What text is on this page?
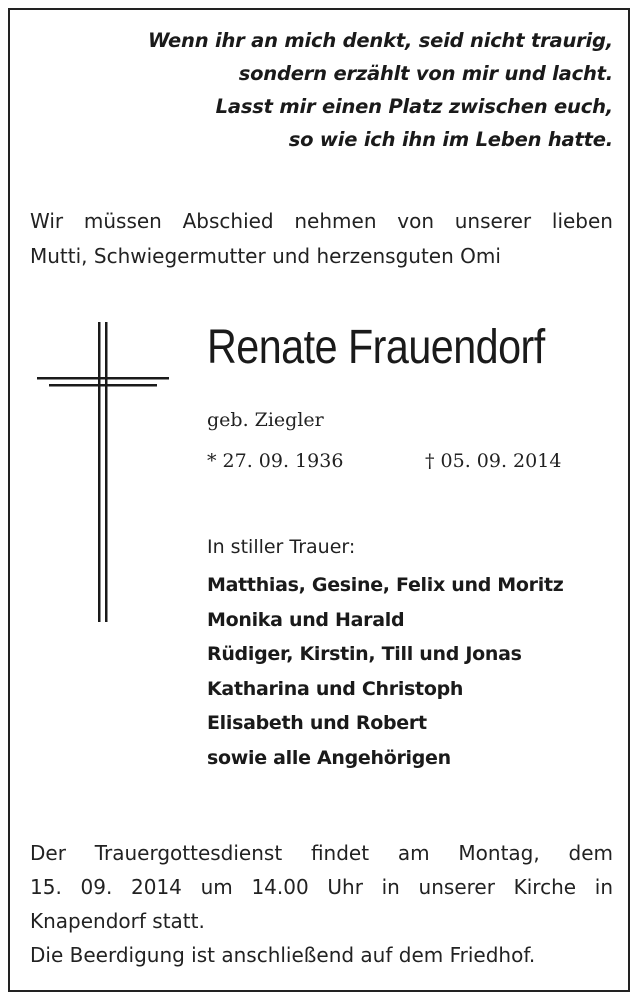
Wenn ihr an mich denkt, seid nicht traurig,
sondern erzählt von mir und lacht.
Lasst mir einen Platz zwischen euch,
so wie ich ihn im Leben hatte.
Wir müssen Abschied nehmen von unserer lieben
Mutti, Schwiegermutter und herzensguten Omi
Renate Frauendorf
geb. Ziegler
* 27. 09. 1936	† 05. 09. 2014
In stiller Trauer:
Matthias, Gesine, Felix und Moritz
Monika und Harald
Rüdiger, Kirstin, Till und Jonas
Katharina und Christoph
Elisabeth und Robert
sowie alle Angehörigen
Der Trauergottesdienst findet am Montag, dem
15. 09. 2014 um 14.00 Uhr in unserer Kirche in
Knapendorf statt.
Die Beerdigung ist anschließend auf dem Friedhof.
